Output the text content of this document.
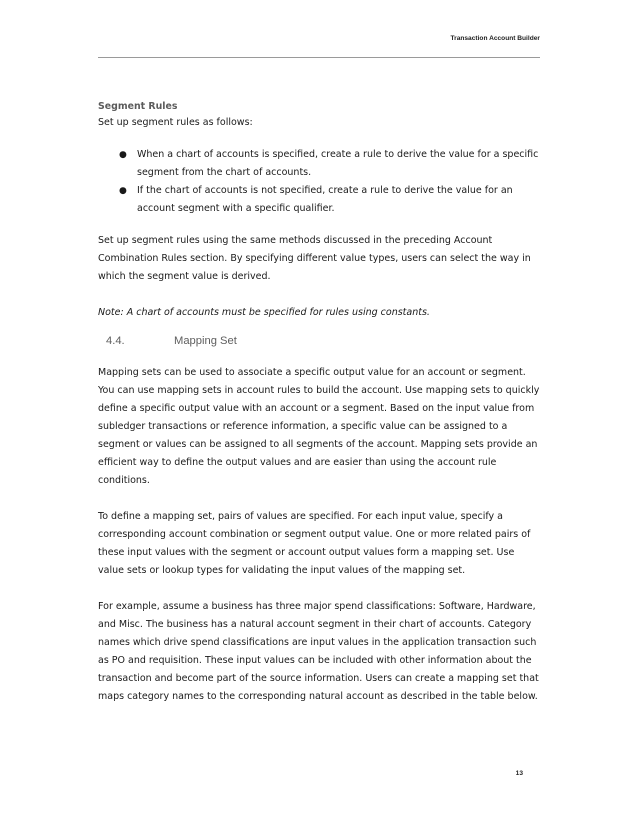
Transaction Account Builder

Segment Rules

Set up segment rules as follows:

● When a chart of accounts is specified, create a rule to derive the value for a specific segment from the chart of accounts.
● If the chart of accounts is not specified, create a rule to derive the value for an account segment with a specific qualifier.

Set up segment rules using the same methods discussed in the preceding Account Combination Rules section. By specifying different value types, users can select the way in which the segment value is derived.

Note: A chart of accounts must be specified for rules using constants.

4.4.	Mapping Set

Mapping sets can be used to associate a specific output value for an account or segment. You can use mapping sets in account rules to build the account. Use mapping sets to quickly define a specific output value with an account or a segment. Based on the input value from subledger transactions or reference information, a specific value can be assigned to a segment or values can be assigned to all segments of the account. Mapping sets provide an efficient way to define the output values and are easier than using the account rule conditions.

To define a mapping set, pairs of values are specified. For each input value, specify a corresponding account combination or segment output value. One or more related pairs of these input values with the segment or account output values form a mapping set. Use value sets or lookup types for validating the input values of the mapping set.

For example, assume a business has three major spend classifications: Software, Hardware, and Misc. The business has a natural account segment in their chart of accounts. Category names which drive spend classifications are input values in the application transaction such as PO and requisition. These input values can be included with other information about the transaction and become part of the source information. Users can create a mapping set that maps category names to the corresponding natural account as described in the table below.

13
